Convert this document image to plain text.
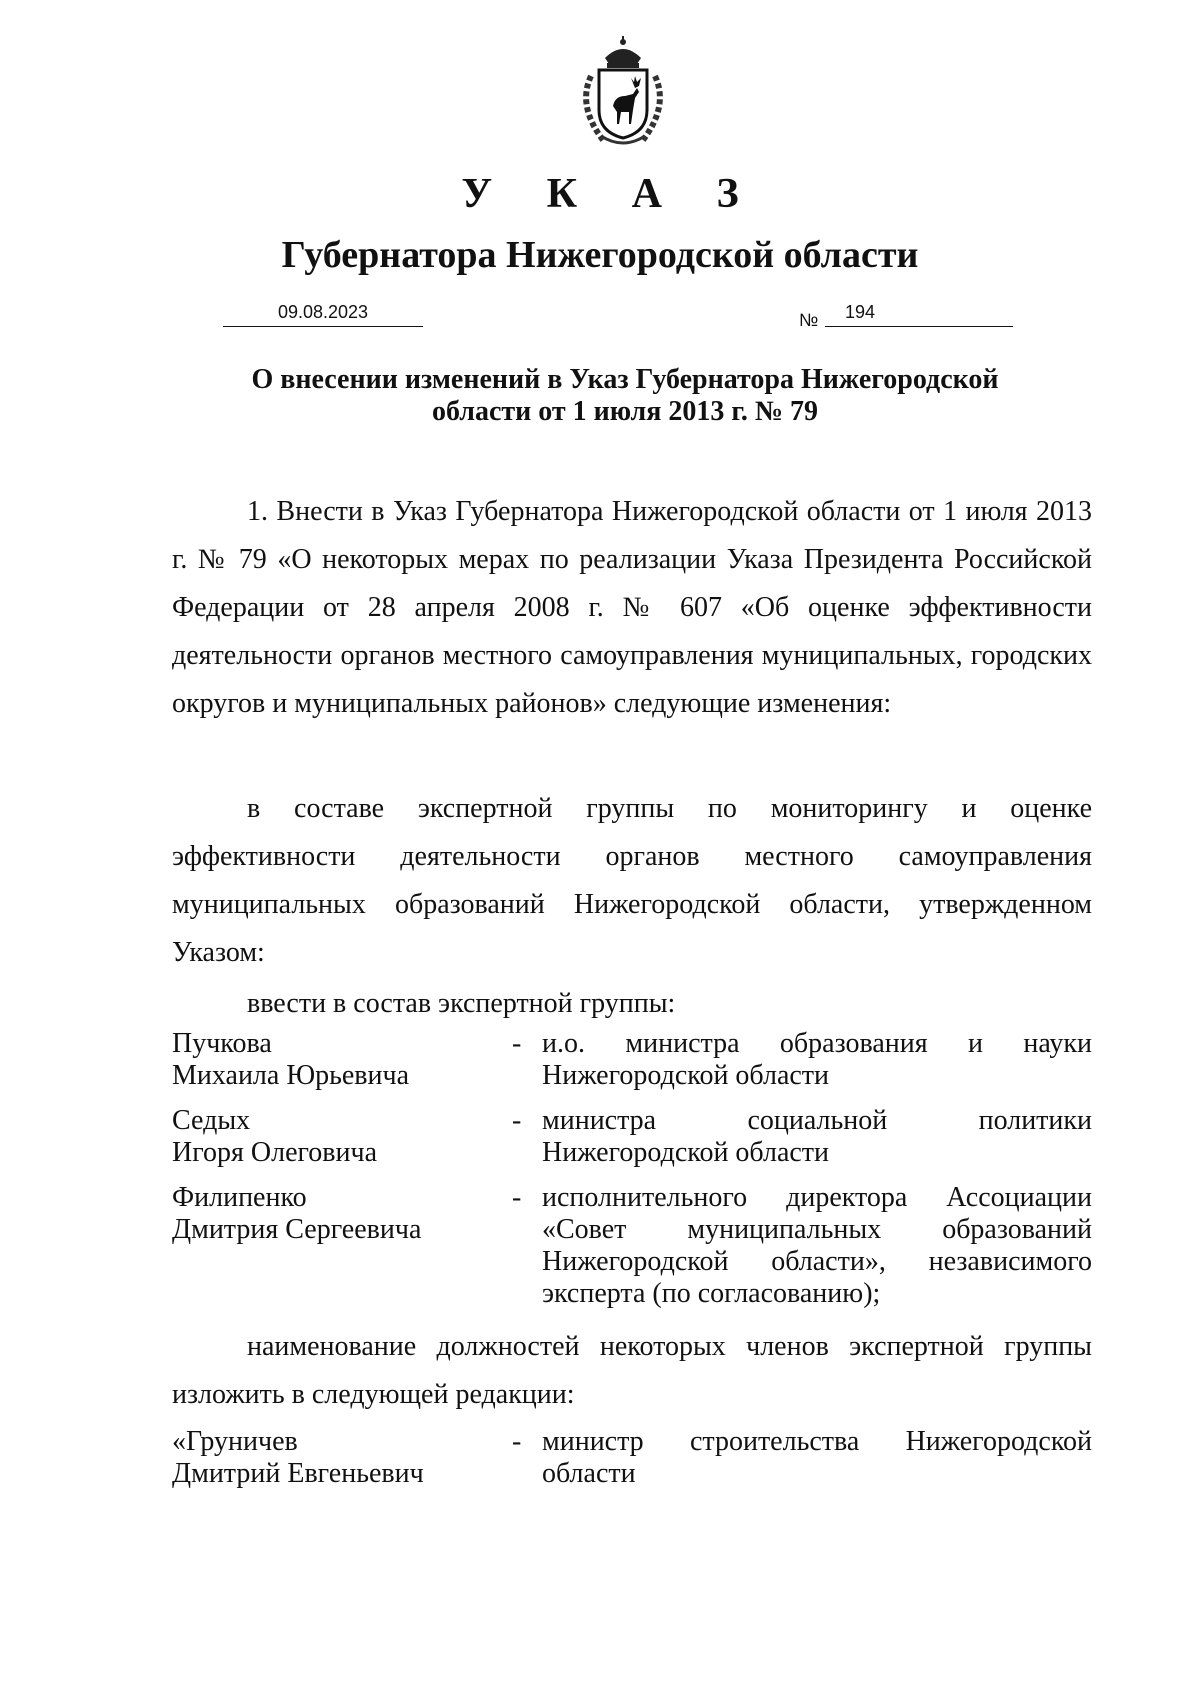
У К А З
Губернатора Нижегородской области
09.08.2023	№ 194
О внесении изменений в Указ Губернатора Нижегородской
области от 1 июля 2013 г. № 79

1. Внести в Указ Губернатора Нижегородской области от 1 июля 2013 г. № 79 «О некоторых мерах по реализации Указа Президента Российской Федерации от 28 апреля 2008 г. № 607 «Об оценке эффективности деятельности органов местного самоуправления муниципальных, городских округов и муниципальных районов» следующие изменения:

в составе экспертной группы по мониторингу и оценке эффективности деятельности органов местного самоуправления муниципальных образований Нижегородской области, утвержденном Указом:

ввести в состав экспертной группы:

Пучкова
Михаила Юрьевича
- и.о. министра образования и науки Нижегородской области
Седых
Игоря Олеговича
- министра социальной политики Нижегородской области
Филипенко
Дмитрия Сергеевича
- исполнительного директора Ассоциации «Совет муниципальных образований Нижегородской области», независимого эксперта (по согласованию);

наименование должностей некоторых членов экспертной группы изложить в следующей редакции:

«Груничев
Дмитрий Евгеньевич
- министр строительства Нижегородской области
